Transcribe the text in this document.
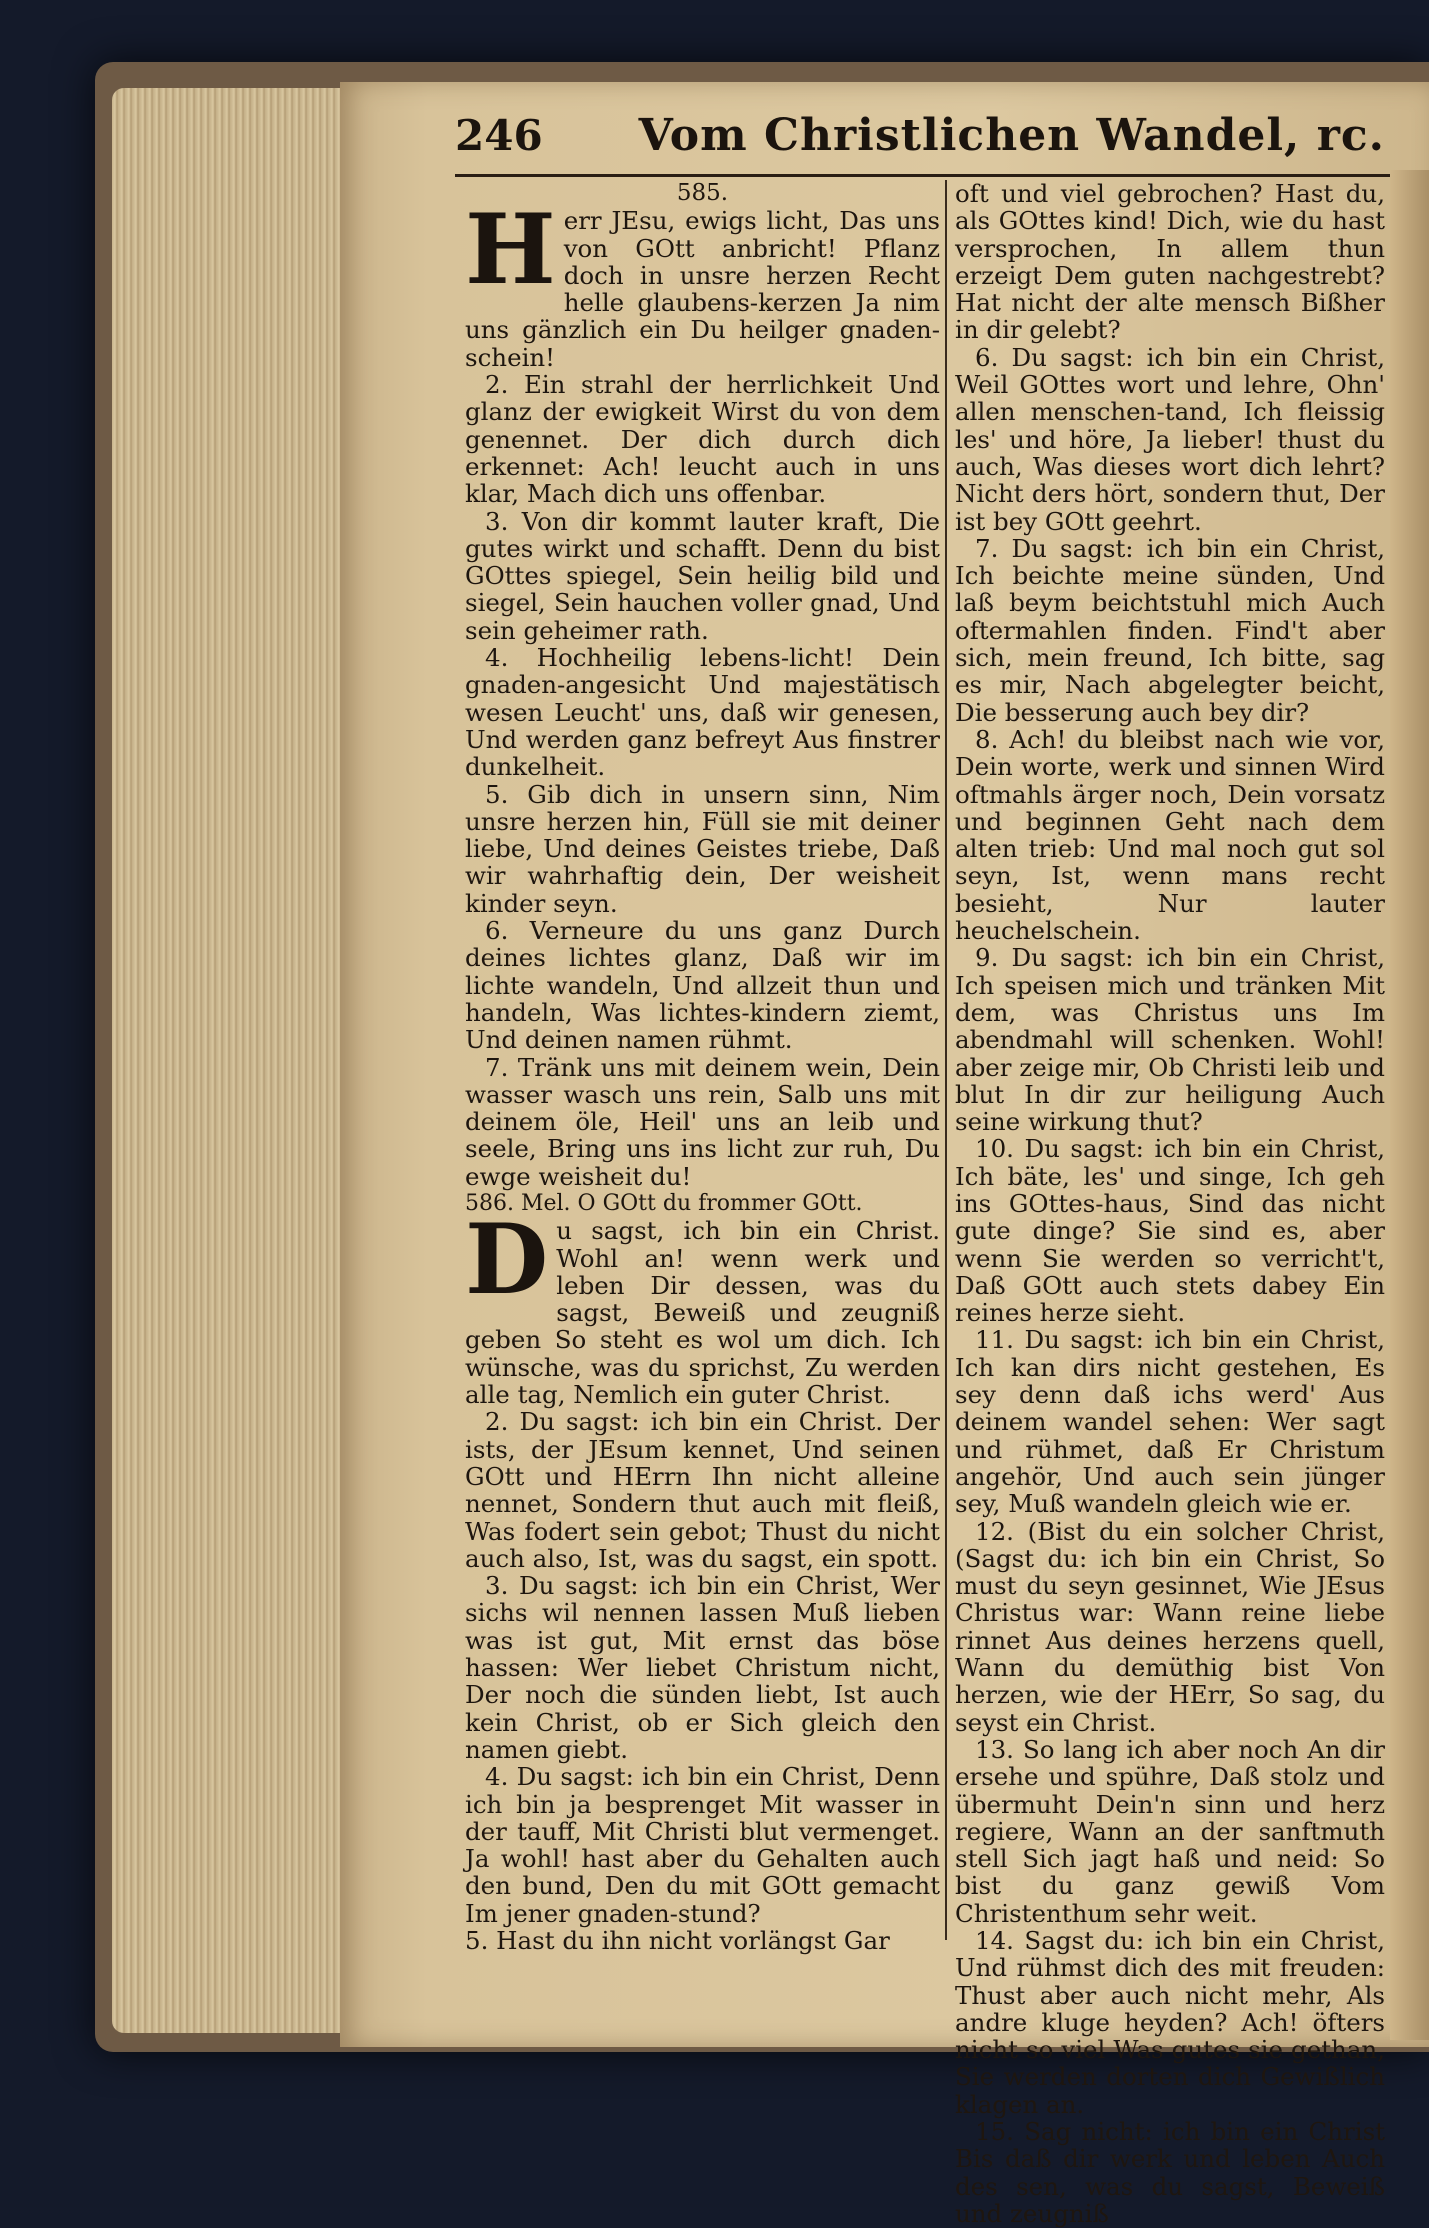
246	Vom Christlichen Wandel, rc.

585.

H err JEsu, ewigs licht, Das uns von GOtt anbricht! Pflanz doch in unsre herzen Recht helle glaubens-kerzen Ja nim uns gänzlich ein Du heilger gnaden-schein!

2. Ein strahl der herrlichkeit Und glanz der ewigkeit Wirst du von dem genennet. Der dich durch dich erkennet: Ach! leucht auch in uns klar, Mach dich uns offenbar.

3. Von dir kommt lauter kraft, Die gutes wirkt und schafft. Denn du bist GOttes spiegel, Sein heilig bild und siegel, Sein hauchen voller gnad, Und sein geheimer rath.

4. Hochheilig lebens-licht! Dein gnaden-angesicht Und majestätisch wesen Leucht' uns, daß wir genesen, Und werden ganz befreyt Aus finstrer dunkelheit.

5. Gib dich in unsern sinn, Nim unsre herzen hin, Füll sie mit deiner liebe, Und deines Geistes triebe, Daß wir wahrhaftig dein, Der weisheit kinder seyn.

6. Verneure du uns ganz Durch deines lichtes glanz, Daß wir im lichte wandeln, Und allzeit thun und handeln, Was lichtes-kindern ziemt, Und deinen namen rühmt.

7. Tränk uns mit deinem wein, Dein wasser wasch uns rein, Salb uns mit deinem öle, Heil' uns an leib und seele, Bring uns ins licht zur ruh, Du ewge weisheit du!

586. Mel. O GOtt du frommer GOtt.

D u sagst, ich bin ein Christ. Wohl an! wenn werk und leben Dir dessen, was du sagst, Beweiß und zeugniß geben So steht es wol um dich. Ich wünsche, was du sprichst, Zu werden alle tag, Nemlich ein guter Christ.

2. Du sagst: ich bin ein Christ. Der ists, der JEsum kennet, Und seinen GOtt und HErrn Ihn nicht alleine nennet, Sondern thut auch mit fleiß, Was fodert sein gebot; Thust du nicht auch also, Ist, was du sagst, ein spott.

3. Du sagst: ich bin ein Christ, Wer sichs wil nennen lassen Muß lieben was ist gut, Mit ernst das böse hassen: Wer liebet Christum nicht, Der noch die sünden liebt, Ist auch kein Christ, ob er Sich gleich den namen giebt.

4. Du sagst: ich bin ein Christ, Denn ich bin ja besprenget Mit wasser in der tauff, Mit Christi blut vermenget. Ja wohl! hast aber du Gehalten auch den bund, Den du mit GOtt gemacht Im jener gnaden-stund?

5. Hast du ihn nicht vorlängst Gar

oft und viel gebrochen? Hast du, als GOttes kind! Dich, wie du hast versprochen, In allem thun erzeigt Dem guten nachgestrebt? Hat nicht der alte mensch Bißher in dir gelebt?

6. Du sagst: ich bin ein Christ, Weil GOttes wort und lehre, Ohn' allen menschen-tand, Ich fleissig les' und höre, Ja lieber! thust du auch, Was dieses wort dich lehrt? Nicht ders hört, sondern thut, Der ist bey GOtt geehrt.

7. Du sagst: ich bin ein Christ, Ich beichte meine sünden, Und laß beym beichtstuhl mich Auch oftermahlen finden. Find't aber sich, mein freund, Ich bitte, sag es mir, Nach abgelegter beicht, Die besserung auch bey dir?

8. Ach! du bleibst nach wie vor, Dein worte, werk und sinnen Wird oftmahls ärger noch, Dein vorsatz und beginnen Geht nach dem alten trieb: Und mal noch gut sol seyn, Ist, wenn mans recht besieht, Nur lauter heuchelschein.

9. Du sagst: ich bin ein Christ, Ich speisen mich und tränken Mit dem, was Christus uns Im abendmahl will schenken. Wohl! aber zeige mir, Ob Christi leib und blut In dir zur heiligung Auch seine wirkung thut?

10. Du sagst: ich bin ein Christ, Ich bäte, les' und singe, Ich geh ins GOttes-haus, Sind das nicht gute dinge? Sie sind es, aber wenn Sie werden so verricht't, Daß GOtt auch stets dabey Ein reines herze sieht.

11. Du sagst: ich bin ein Christ, Ich kan dirs nicht gestehen, Es sey denn daß ichs werd' Aus deinem wandel sehen: Wer sagt und rühmet, daß Er Christum angehör, Und auch sein jünger sey, Muß wandeln gleich wie er.

12. (Bist du ein solcher Christ, (Sagst du: ich bin ein Christ, So must du seyn gesinnet, Wie JEsus Christus war: Wann reine liebe rinnet Aus deines herzens quell, Wann du demüthig bist Von herzen, wie der HErr, So sag, du seyst ein Christ.

13. So lang ich aber noch An dir ersehe und spühre, Daß stolz und übermuht Dein'n sinn und herz regiere, Wann an der sanftmuth stell Sich jagt haß und neid: So bist du ganz gewiß Vom Christenthum sehr weit.

14. Sagst du: ich bin ein Christ, Und rühmst dich des mit freuden: Thust aber auch nicht mehr, Als andre kluge heyden? Ach! öfters nicht so viel Was gutes sie gethan, Sie werden dorten dich Gewißlich klagen an.

15. Sag nicht: ich bin ein Christ Bis daß dir werk und leben Auch des sen, was du sagst, Beweiß und zeugniß
